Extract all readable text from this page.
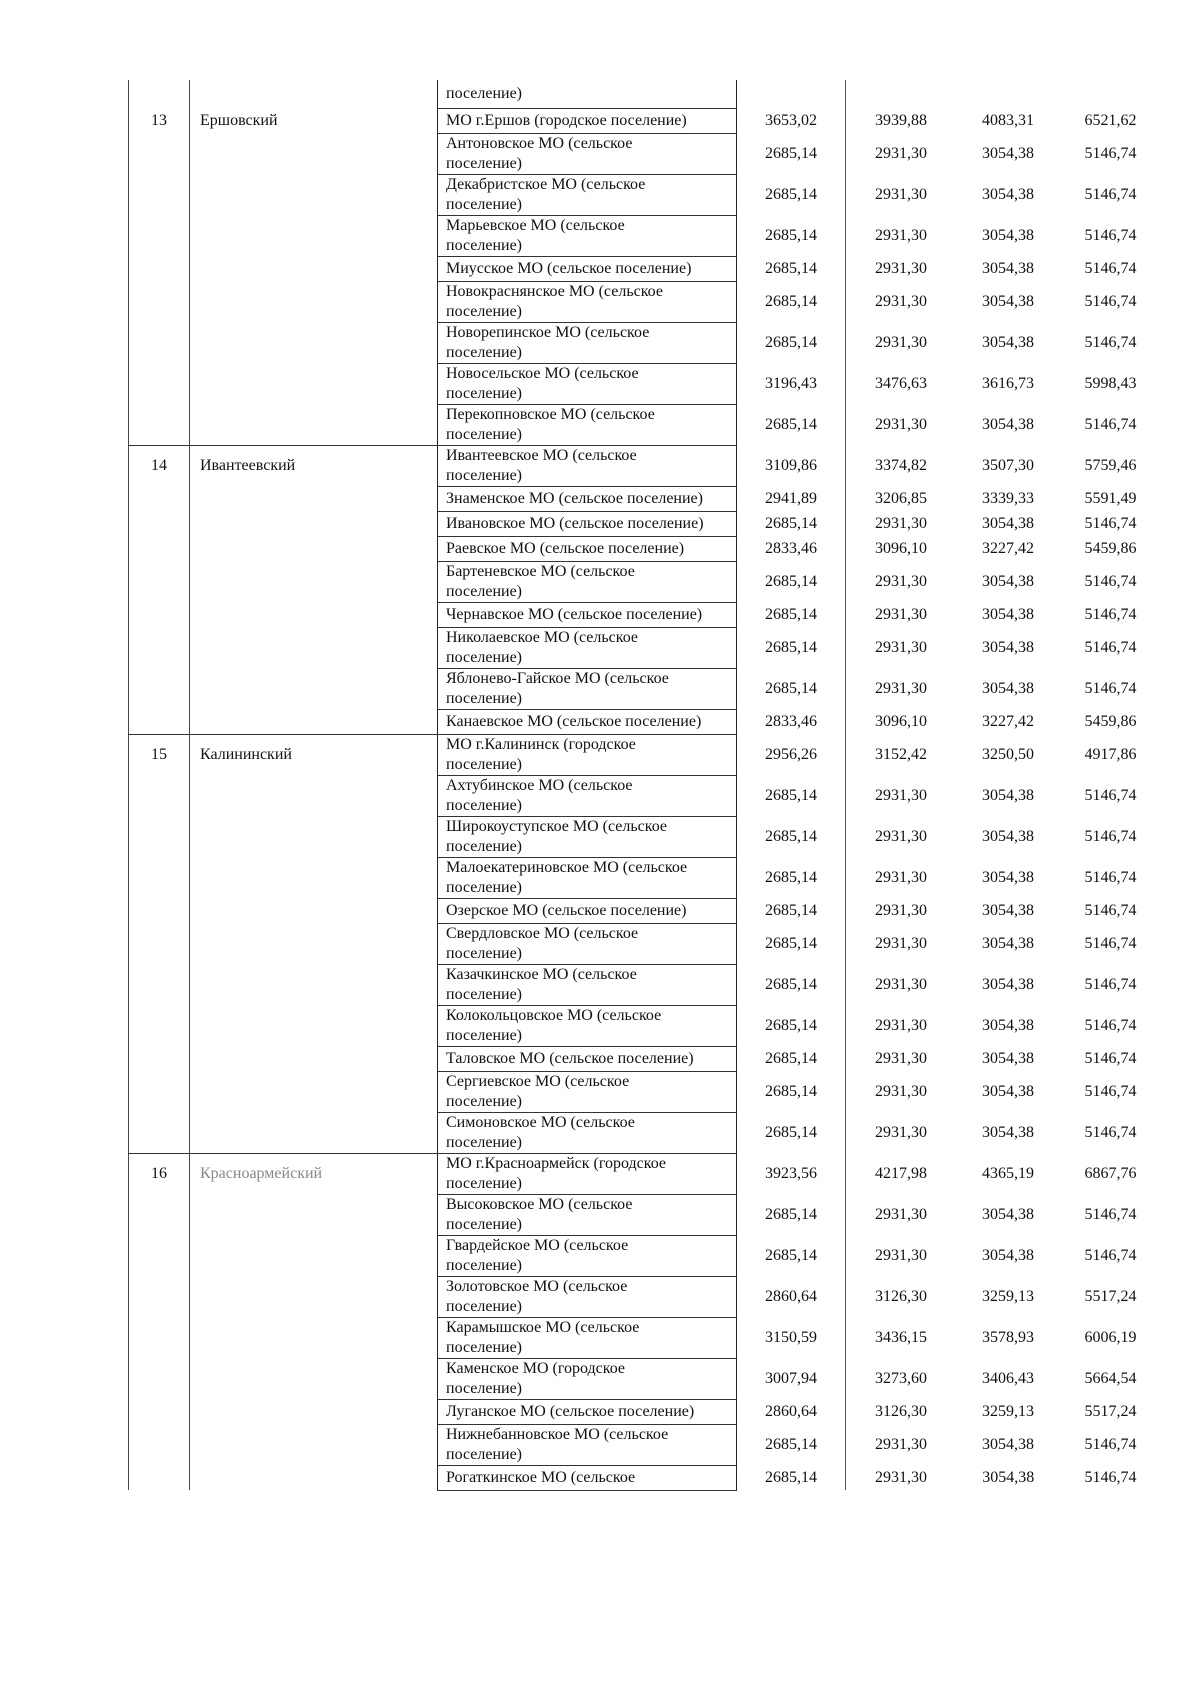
		поселение)				
13	Ершовский	МО г.Ершов (городское поселение)	3653,02	3939,88	4083,31	6521,62
		Антоновское МО (сельское
поселение)	2685,14	2931,30	3054,38	5146,74
		Декабристское МО (сельское
поселение)	2685,14	2931,30	3054,38	5146,74
		Марьевское МО (сельское
поселение)	2685,14	2931,30	3054,38	5146,74
		Миусское МО (сельское поселение)	2685,14	2931,30	3054,38	5146,74
		Новокраснянское МО (сельское
поселение)	2685,14	2931,30	3054,38	5146,74
		Новорепинское МО (сельское
поселение)	2685,14	2931,30	3054,38	5146,74
		Новосельское МО (сельское
поселение)	3196,43	3476,63	3616,73	5998,43
		Перекопновское МО (сельское
поселение)	2685,14	2931,30	3054,38	5146,74
14	Ивантеевский	Ивантеевское МО (сельское
поселение)	3109,86	3374,82	3507,30	5759,46
		Знаменское МО (сельское поселение)	2941,89	3206,85	3339,33	5591,49
		Ивановское МО (сельское поселение)	2685,14	2931,30	3054,38	5146,74
		Раевское МО (сельское поселение)	2833,46	3096,10	3227,42	5459,86
		Бартеневское МО (сельское
поселение)	2685,14	2931,30	3054,38	5146,74
		Чернавское МО (сельское поселение)	2685,14	2931,30	3054,38	5146,74
		Николаевское МО (сельское
поселение)	2685,14	2931,30	3054,38	5146,74
		Яблонево-Гайское МО (сельское
поселение)	2685,14	2931,30	3054,38	5146,74
		Канаевское МО (сельское поселение)	2833,46	3096,10	3227,42	5459,86
15	Калининский	МО г.Калининск (городское
поселение)	2956,26	3152,42	3250,50	4917,86
		Ахтубинское МО (сельское
поселение)	2685,14	2931,30	3054,38	5146,74
		Широкоуступское МО (сельское
поселение)	2685,14	2931,30	3054,38	5146,74
		Малоекатериновское МО (сельское
поселение)	2685,14	2931,30	3054,38	5146,74
		Озерское МО (сельское поселение)	2685,14	2931,30	3054,38	5146,74
		Свердловское МО (сельское
поселение)	2685,14	2931,30	3054,38	5146,74
		Казачкинское МО (сельское
поселение)	2685,14	2931,30	3054,38	5146,74
		Колокольцовское МО (сельское
поселение)	2685,14	2931,30	3054,38	5146,74
		Таловское МО (сельское поселение)	2685,14	2931,30	3054,38	5146,74
		Сергиевское МО (сельское
поселение)	2685,14	2931,30	3054,38	5146,74
		Симоновское МО (сельское
поселение)	2685,14	2931,30	3054,38	5146,74
16	Красноармейский	МО г.Красноармейск (городское
поселение)	3923,56	4217,98	4365,19	6867,76
		Высоковское МО (сельское
поселение)	2685,14	2931,30	3054,38	5146,74
		Гвардейское МО (сельское
поселение)	2685,14	2931,30	3054,38	5146,74
		Золотовское МО (сельское
поселение)	2860,64	3126,30	3259,13	5517,24
		Карамышское МО (сельское
поселение)	3150,59	3436,15	3578,93	6006,19
		Каменское МО (городское
поселение)	3007,94	3273,60	3406,43	5664,54
		Луганское МО (сельское поселение)	2860,64	3126,30	3259,13	5517,24
		Нижнебанновское МО (сельское
поселение)	2685,14	2931,30	3054,38	5146,74
		Рогаткинское МО (сельское	2685,14	2931,30	3054,38	5146,74
